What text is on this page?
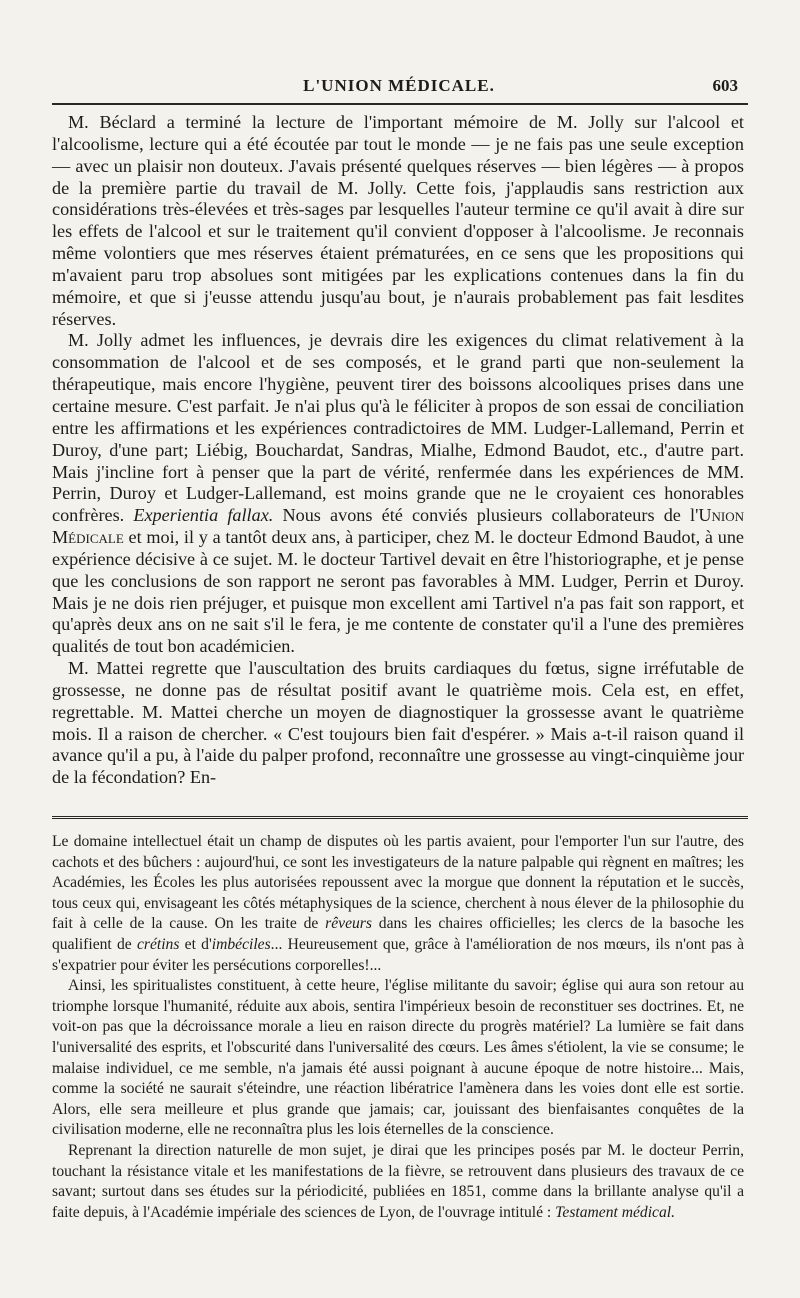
L'UNION MÉDICALE.	603

M. Béclard a terminé la lecture de l'important mémoire de M. Jolly sur l'alcool et l'alcoolisme, lecture qui a été écoutée par tout le monde — je ne fais pas une seule exception — avec un plaisir non douteux. J'avais présenté quelques réserves — bien légères — à propos de la première partie du travail de M. Jolly. Cette fois, j'applaudis sans restriction aux considérations très-élevées et très-sages par lesquelles l'auteur termine ce qu'il avait à dire sur les effets de l'alcool et sur le traitement qu'il convient d'opposer à l'alcoolisme. Je reconnais même volontiers que mes réserves étaient prématurées, en ce sens que les propositions qui m'avaient paru trop absolues sont mitigées par les explications contenues dans la fin du mémoire, et que si j'eusse attendu jusqu'au bout, je n'aurais probablement pas fait lesdites réserves.

M. Jolly admet les influences, je devrais dire les exigences du climat relativement à la consommation de l'alcool et de ses composés, et le grand parti que non-seulement la thérapeutique, mais encore l'hygiène, peuvent tirer des boissons alcooliques prises dans une certaine mesure. C'est parfait. Je n'ai plus qu'à le féliciter à propos de son essai de conciliation entre les affirmations et les expériences contradictoires de MM. Ludger-Lallemand, Perrin et Duroy, d'une part; Liébig, Bouchardat, Sandras, Mialhe, Edmond Baudot, etc., d'autre part. Mais j'incline fort à penser que la part de vérité, renfermée dans les expériences de MM. Perrin, Duroy et Ludger-Lallemand, est moins grande que ne le croyaient ces honorables confrères. Experientia fallax. Nous avons été conviés plusieurs collaborateurs de l'Union Médicale et moi, il y a tantôt deux ans, à participer, chez M. le docteur Edmond Baudot, à une expérience décisive à ce sujet. M. le docteur Tartivel devait en être l'historiographe, et je pense que les conclusions de son rapport ne seront pas favorables à MM. Ludger, Perrin et Duroy. Mais je ne dois rien préjuger, et puisque mon excellent ami Tartivel n'a pas fait son rapport, et qu'après deux ans on ne sait s'il le fera, je me contente de constater qu'il a l'une des premières qualités de tout bon académicien.

M. Mattei regrette que l'auscultation des bruits cardiaques du fœtus, signe irréfutable de grossesse, ne donne pas de résultat positif avant le quatrième mois. Cela est, en effet, regrettable. M. Mattei cherche un moyen de diagnostiquer la grossesse avant le quatrième mois. Il a raison de chercher. « C'est toujours bien fait d'espérer. » Mais a-t-il raison quand il avance qu'il a pu, à l'aide du palper profond, reconnaître une grossesse au vingt-cinquième jour de la fécondation? En-

Le domaine intellectuel était un champ de disputes où les partis avaient, pour l'emporter l'un sur l'autre, des cachots et des bûchers : aujourd'hui, ce sont les investigateurs de la nature palpable qui règnent en maîtres; les Académies, les Écoles les plus autorisées repoussent avec la morgue que donnent la réputation et le succès, tous ceux qui, envisageant les côtés métaphysiques de la science, cherchent à nous élever de la philosophie du fait à celle de la cause. On les traite de rêveurs dans les chaires officielles; les clercs de la basoche les qualifient de crétins et d'imbéciles... Heureusement que, grâce à l'amélioration de nos mœurs, ils n'ont pas à s'expatrier pour éviter les persécutions corporelles!...

Ainsi, les spiritualistes constituent, à cette heure, l'église militante du savoir; église qui aura son retour au triomphe lorsque l'humanité, réduite aux abois, sentira l'impérieux besoin de reconstituer ses doctrines. Et, ne voit-on pas que la décroissance morale a lieu en raison directe du progrès matériel? La lumière se fait dans l'universalité des esprits, et l'obscurité dans l'universalité des cœurs. Les âmes s'étiolent, la vie se consume; le malaise individuel, ce me semble, n'a jamais été aussi poignant à aucune époque de notre histoire... Mais, comme la société ne saurait s'éteindre, une réaction libératrice l'amènera dans les voies dont elle est sortie. Alors, elle sera meilleure et plus grande que jamais; car, jouissant des bienfaisantes conquêtes de la civilisation moderne, elle ne reconnaîtra plus les lois éternelles de la conscience.

Reprenant la direction naturelle de mon sujet, je dirai que les principes posés par M. le docteur Perrin, touchant la résistance vitale et les manifestations de la fièvre, se retrouvent dans plusieurs des travaux de ce savant; surtout dans ses études sur la périodicité, publiées en 1851, comme dans la brillante analyse qu'il a faite depuis, à l'Académie impériale des sciences de Lyon, de l'ouvrage intitulé : Testament médical.
